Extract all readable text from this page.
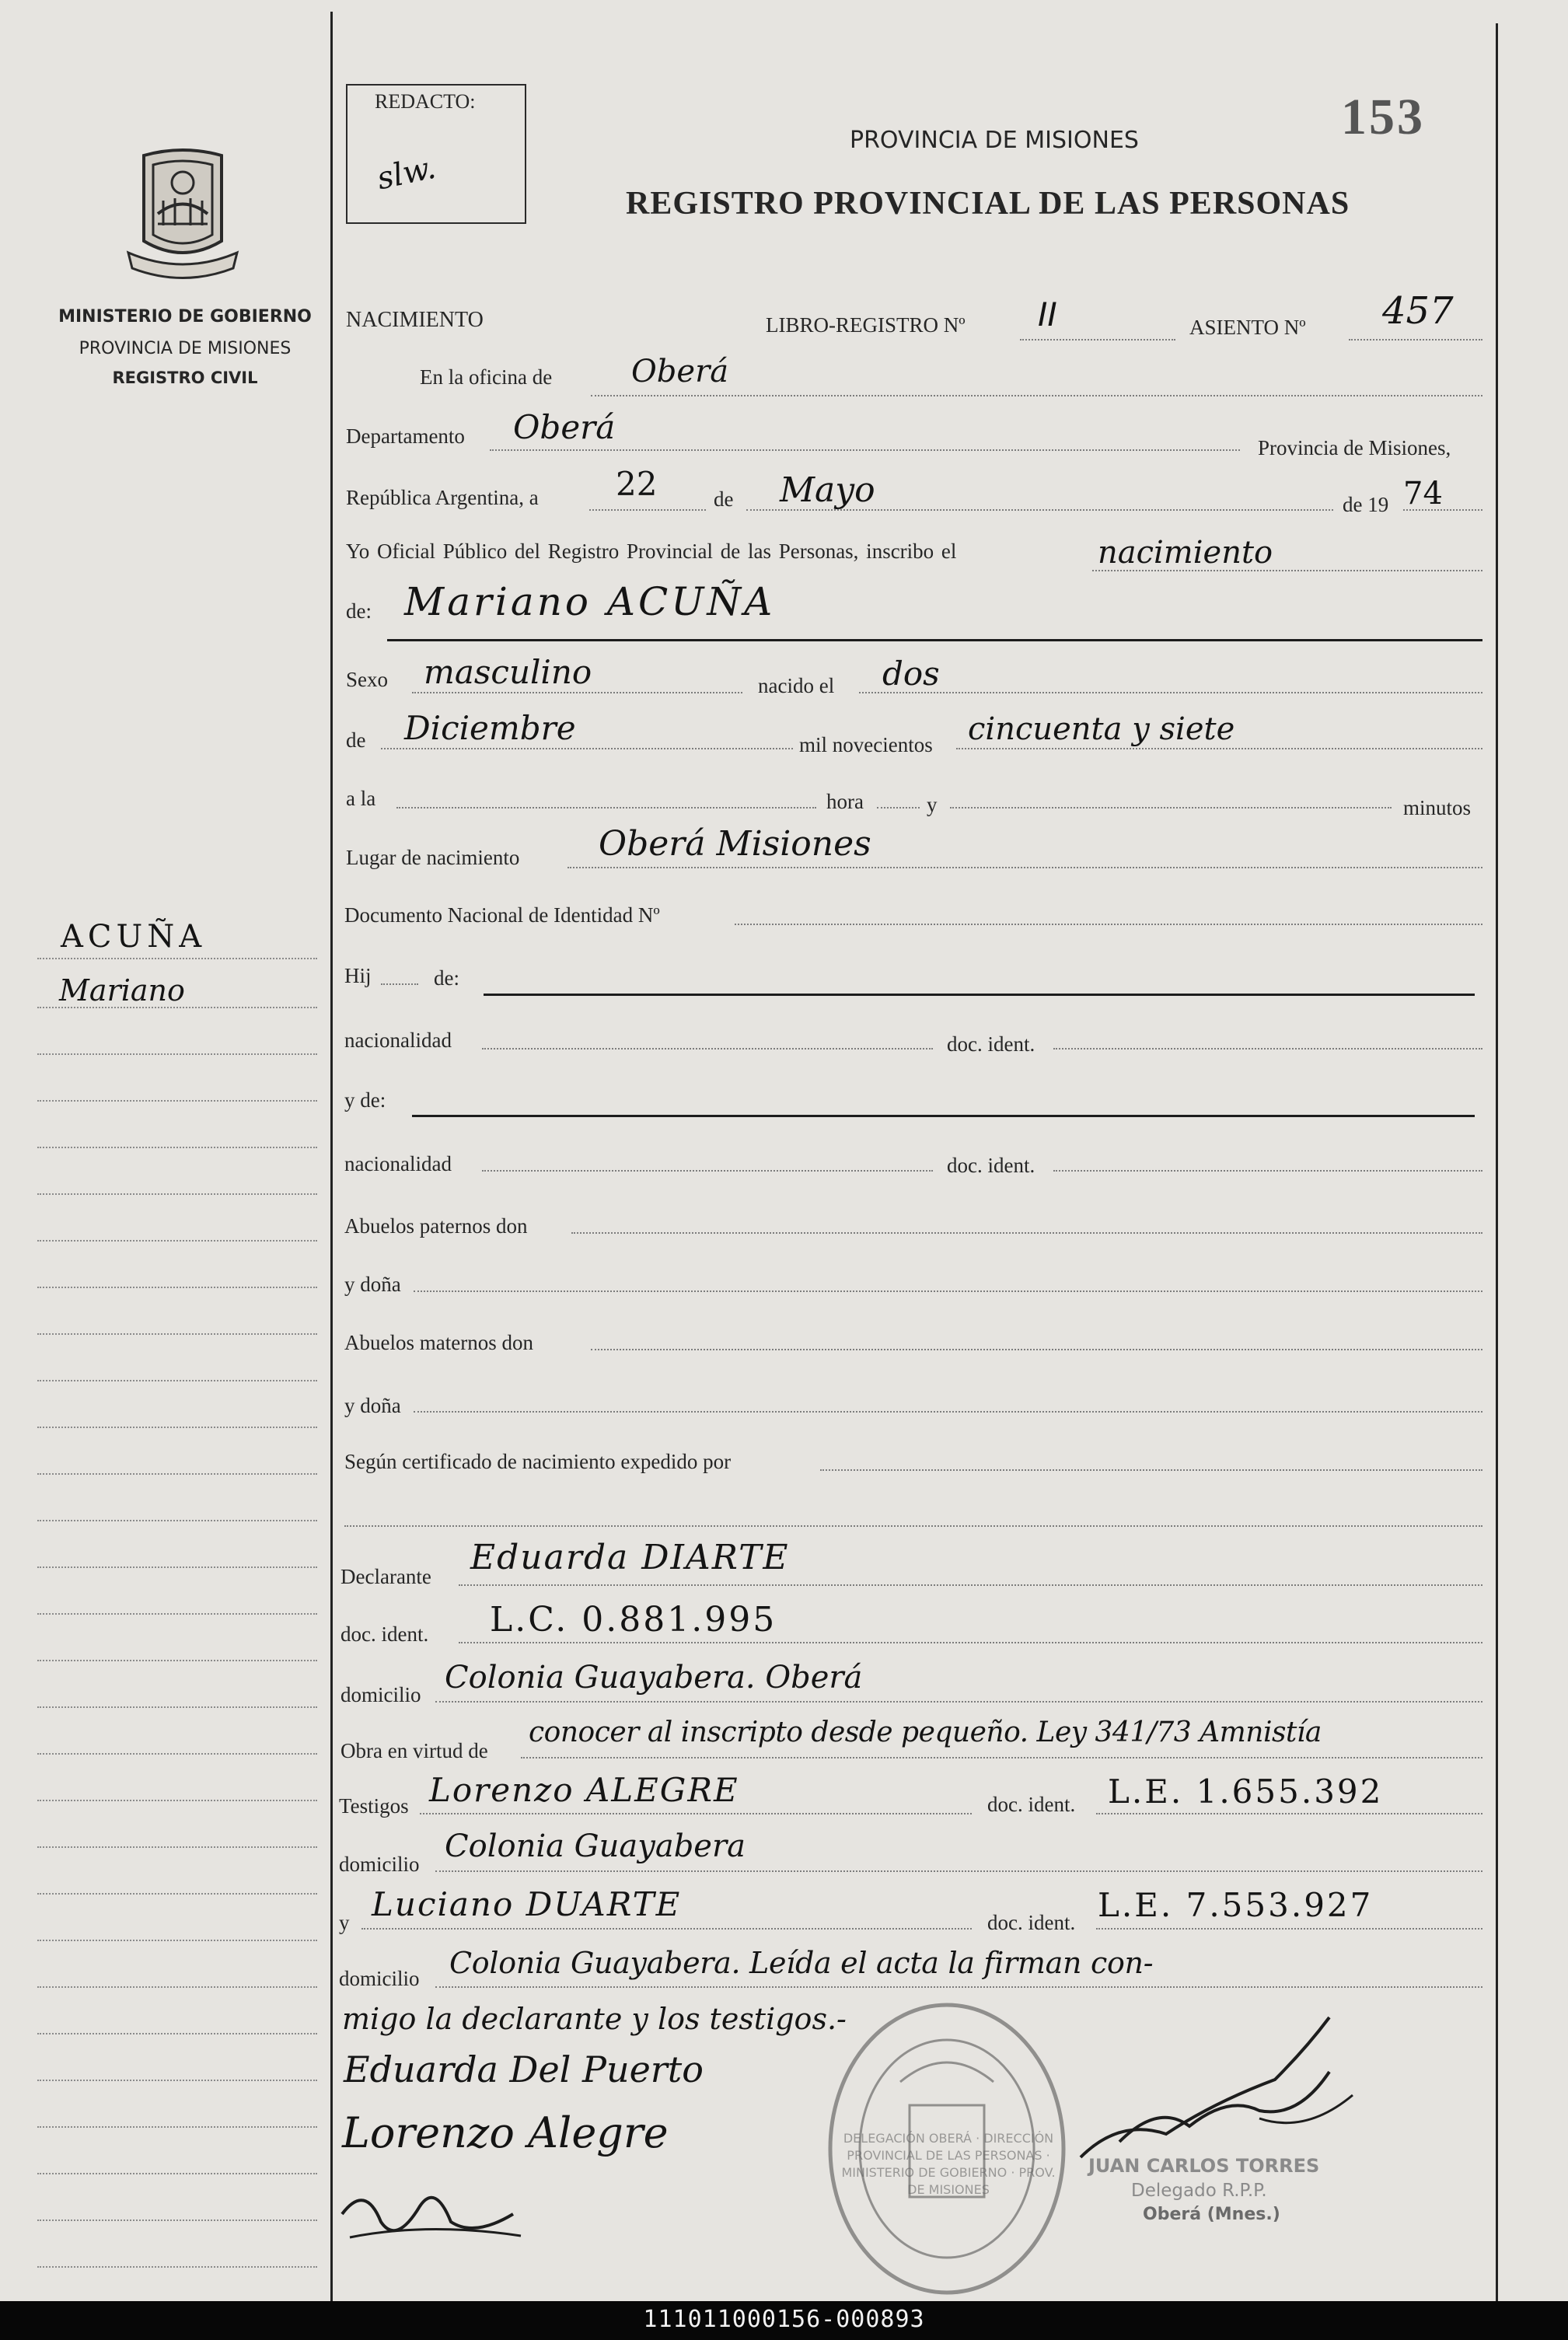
MINISTERIO DE GOBIERNO
PROVINCIA DE MISIONES
REGISTRO CIVIL
ACUÑA
Mariano
REDACTO:
slw.
PROVINCIA DE MISIONES
REGISTRO PROVINCIAL DE LAS PERSONAS
153
NACIMIENTO	LIBRO-REGISTRO Nº II	ASIENTO Nº 457
En la oficina de	Oberá
Departamento Oberá
Provincia de Misiones,
República Argentina, a 22	de Mayo	de 19 74
Yo Oficial Público del Registro Provincial de las Personas, inscribo el	nacimiento
de: Mariano ACUÑA
Sexo masculino	nacido el dos
de Diciembre	mil novecientos cincuenta y siete
a la	hora	y	minutos
Lugar de nacimiento Oberá Misiones
Documento Nacional de Identidad Nº
Hij	de:
nacionalidad	doc. ident.
y de:
nacionalidad	doc. ident.
Abuelos paternos don
y doña
Abuelos maternos don
y doña
Según certificado de nacimiento expedido por
Declarante Eduarda DIARTE
doc. ident. L.C. 0.881.995
domicilio Colonia Guayabera. Oberá
Obra en virtud de
conocer al inscripto desde pequeño. Ley 341/73 Amnistía
Testigos Lorenzo ALEGRE	doc. ident. L.E. 1.655.392
domicilio Colonia Guayabera
y Luciano DUARTE	doc. ident. L.E. 7.553.927
domicilio Colonia Guayabera. Leída el acta la firman con-
migo la declarante y los testigos.-
DELEGACIÓN OBERÁ · DIRECCIÓN PROVINCIAL DE LAS PERSONAS · MINISTERIO DE GOBIERNO · PROV. DE MISIONES
JUAN CARLOS TORRES
Delegado R.P.P.
Oberá (Mnes.)
Eduarda Del Puerto
Lorenzo Alegre
111011000156-000893
